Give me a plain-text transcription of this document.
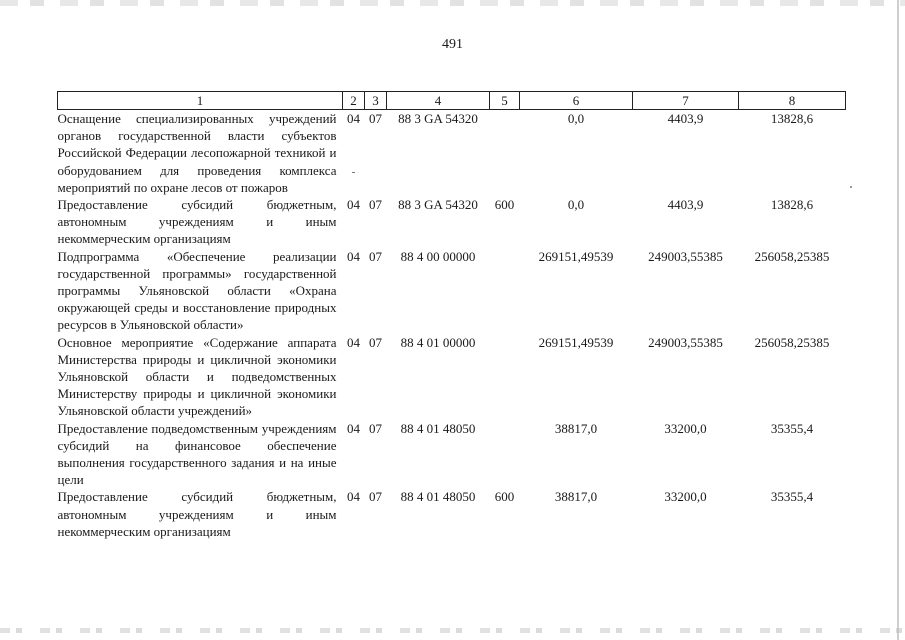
491
1	2	3	4	5	6	7	8
Оснащение специализированных учреждений органов государственной власти субъектов Российской Федерации лесопожарной техникой и оборудованием для проведения комплекса мероприятий по охране лесов от пожаров	04	07	88 3 GA 54320		0,0	4403,9	13828,6
Предоставление субсидий бюджетным, автономным учреждениям и иным некоммерческим организациям	04	07	88 3 GA 54320	600	0,0	4403,9	13828,6
Подпрограмма «Обеспечение реализации государственной программы» государственной программы Ульяновской области «Охрана окружающей среды и восстановление природных ресурсов в Ульяновской области»	04	07	88 4 00 00000		269151,49539	249003,55385	256058,25385
Основное мероприятие «Содержание аппарата Министерства природы и цикличной экономики Ульяновской области и подведомственных Министерству природы и цикличной экономики Ульяновской области учреждений»	04	07	88 4 01 00000		269151,49539	249003,55385	256058,25385
Предоставление подведомственным учреждениям субсидий на финансовое обеспечение выполнения государственного задания и на иные цели	04	07	88 4 01 48050		38817,0	33200,0	35355,4
Предоставление субсидий бюджетным, автономным учреждениям и иным некоммерческим организациям	04	07	88 4 01 48050	600	38817,0	33200,0	35355,4
